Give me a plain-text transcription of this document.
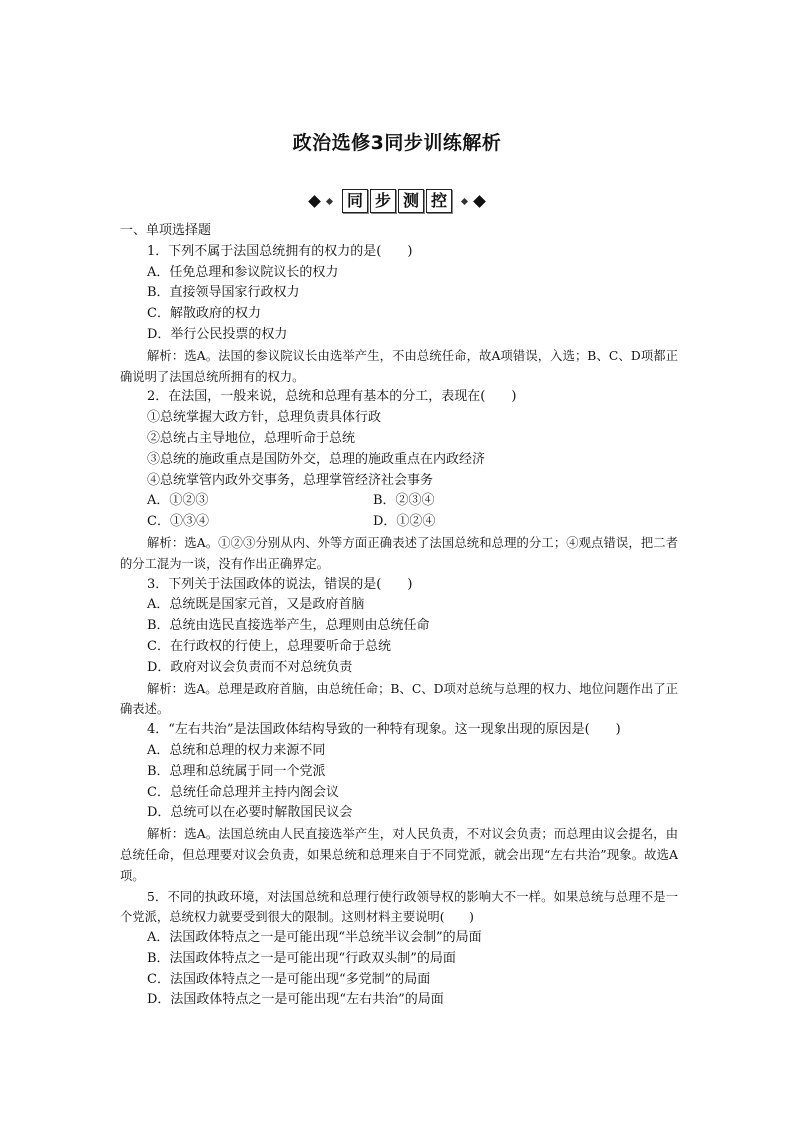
政治选修3同步训练解析
同 步 测 控
一、单项选择题
1．下列不属于法国总统拥有的权力的是(　　)
A．任免总理和参议院议长的权力
B．直接领导国家行政权力
C．解散政府的权力
D．举行公民投票的权力
解析：选A。法国的参议院议长由选举产生，不由总统任命，故A项错误，入选；B、C、D项都正确说明了法国总统所拥有的权力。
2．在法国，一般来说，总统和总理有基本的分工，表现在(　　)
①总统掌握大政方针，总理负责具体行政
②总统占主导地位，总理听命于总统
③总统的施政重点是国防外交，总理的施政重点在内政经济
④总统掌管内政外交事务，总理掌管经济社会事务
A．①②③	B．②③④
C．①③④	D．①②④
解析：选A。①②③分别从内、外等方面正确表述了法国总统和总理的分工；④观点错误，把二者的分工混为一谈，没有作出正确界定。
3．下列关于法国政体的说法，错误的是(　　)
A．总统既是国家元首，又是政府首脑
B．总统由选民直接选举产生，总理则由总统任命
C．在行政权的行使上，总理要听命于总统
D．政府对议会负责而不对总统负责
解析：选A。总理是政府首脑，由总统任命；B、C、D项对总统与总理的权力、地位问题作出了正确表述。
4．“左右共治”是法国政体结构导致的一种特有现象。这一现象出现的原因是(　　)
A．总统和总理的权力来源不同
B．总理和总统属于同一个党派
C．总统任命总理并主持内阁会议
D．总统可以在必要时解散国民议会
解析：选A。法国总统由人民直接选举产生，对人民负责，不对议会负责；而总理由议会提名，由总统任命，但总理要对议会负责，如果总统和总理来自于不同党派，就会出现“左右共治”现象。故选A项。
5．不同的执政环境，对法国总统和总理行使行政领导权的影响大不一样。如果总统与总理不是一个党派，总统权力就要受到很大的限制。这则材料主要说明(　　)
A．法国政体特点之一是可能出现“半总统半议会制”的局面
B．法国政体特点之一是可能出现“行政双头制”的局面
C．法国政体特点之一是可能出现“多党制”的局面
D．法国政体特点之一是可能出现“左右共治”的局面
